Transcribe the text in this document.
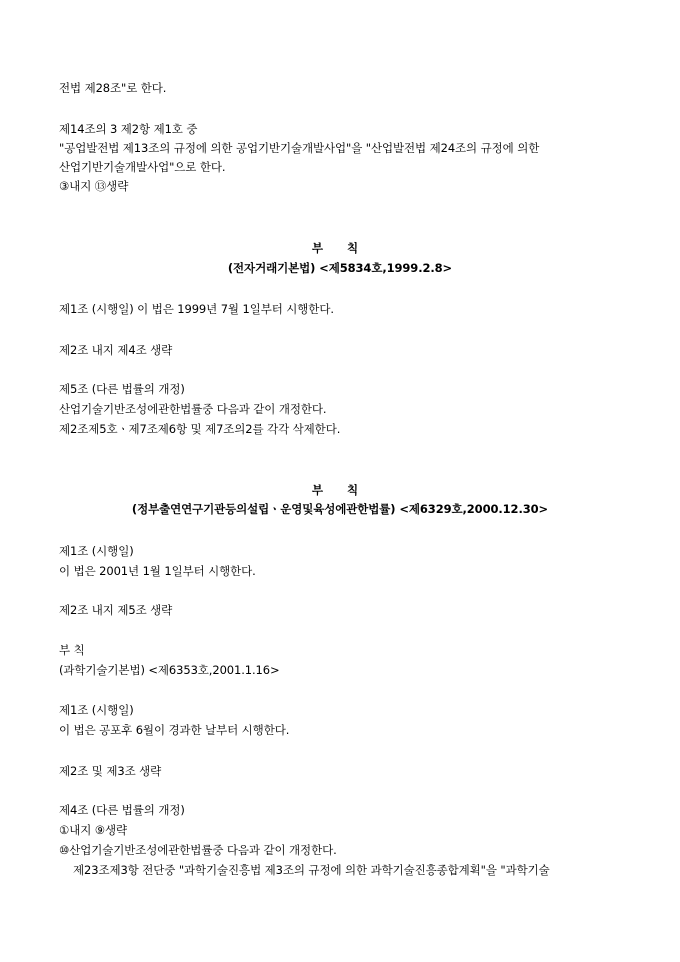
전법 제28조"로 한다.
제14조의 3 제2항 제1호 중
"공업발전법 제13조의 규정에 의한 공업기반기술개발사업"을 "산업발전법 제24조의 규정에 의한
산업기반기술개발사업"으로 한다.
③내지 ⑬생략
부 칙
(전자거래기본법) <제5834호,1999.2.8>
제1조 (시행일) 이 법은 1999년 7월 1일부터 시행한다.
제2조 내지 제4조 생략
제5조 (다른 법률의 개정)
산업기술기반조성에관한법률중 다음과 같이 개정한다.
제2조제5호ㆍ제7조제6항 및 제7조의2를 각각 삭제한다.
부 칙
(정부출연연구기관등의설립ㆍ운영및육성에관한법률) <제6329호,2000.12.30>
제1조 (시행일)
이 법은 2001년 1월 1일부터 시행한다.
제2조 내지 제5조 생략
부 칙
(과학기술기본법) <제6353호,2001.1.16>
제1조 (시행일)
이 법은 공포후 6월이 경과한 날부터 시행한다.
제2조 및 제3조 생략
제4조 (다른 법률의 개정)
①내지 ⑨생략
⑩산업기술기반조성에관한법률중 다음과 같이 개정한다.
제23조제3항 전단중 "과학기술진흥법 제3조의 규정에 의한 과학기술진흥종합계획"을 "과학기술
